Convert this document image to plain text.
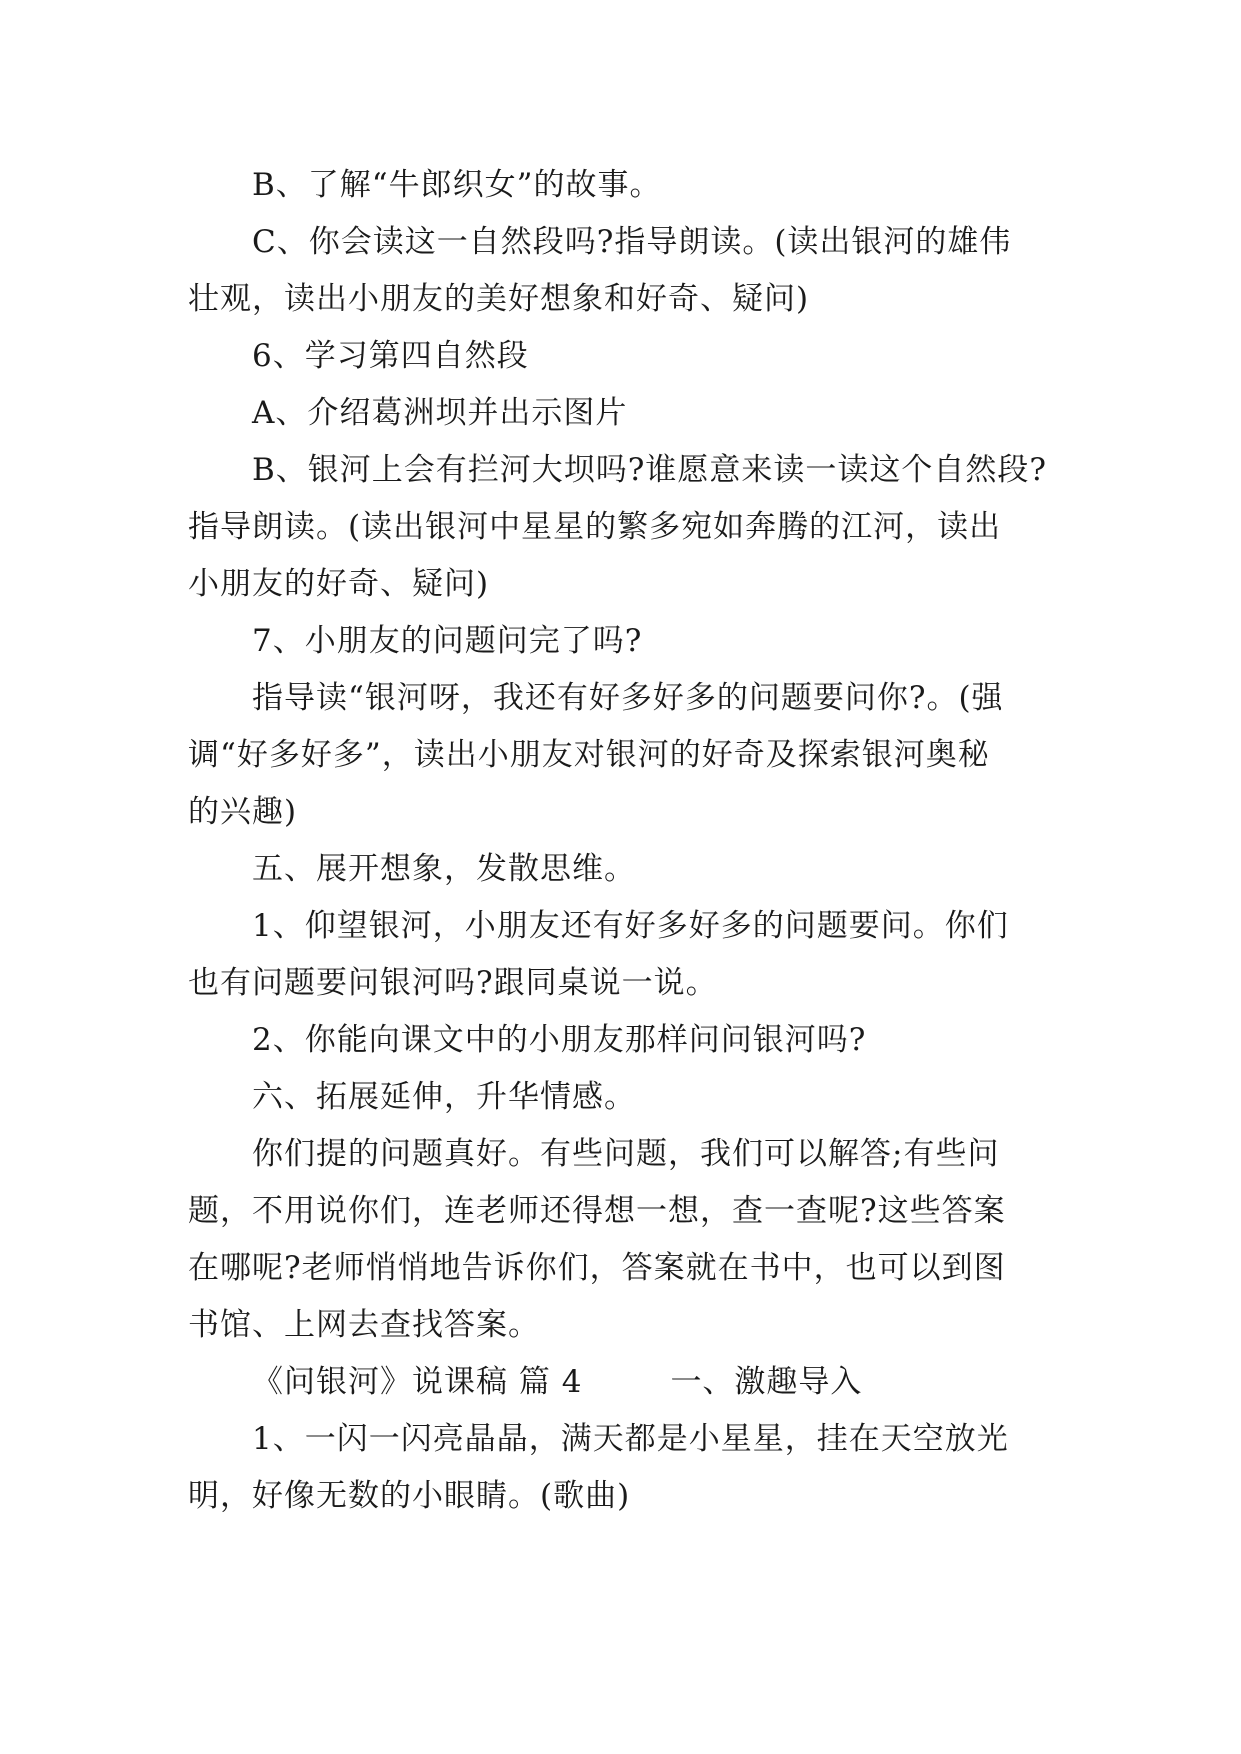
B、了解“牛郎织女”的故事。
C、你会读这一自然段吗?指导朗读。(读出银河的雄伟
壮观，读出小朋友的美好想象和好奇、疑问)
6、学习第四自然段
A、介绍葛洲坝并出示图片
B、银河上会有拦河大坝吗?谁愿意来读一读这个自然段?
指导朗读。(读出银河中星星的繁多宛如奔腾的江河，读出
小朋友的好奇、疑问)
7、小朋友的问题问完了吗?
指导读“银河呀，我还有好多好多的问题要问你?。(强
调“好多好多”，读出小朋友对银河的好奇及探索银河奥秘
的兴趣)
五、展开想象，发散思维。
1、仰望银河，小朋友还有好多好多的问题要问。你们
也有问题要问银河吗?跟同桌说一说。
2、你能向课文中的小朋友那样问问银河吗?
六、拓展延伸，升华情感。
你们提的问题真好。有些问题，我们可以解答;有些问
题，不用说你们，连老师还得想一想，查一查呢?这些答案
在哪呢?老师悄悄地告诉你们，答案就在书中，也可以到图
书馆、上网去查找答案。
《问银河》说课稿 篇 4	一、激趣导入
1、一闪一闪亮晶晶，满天都是小星星，挂在天空放光
明，好像无数的小眼睛。(歌曲)
